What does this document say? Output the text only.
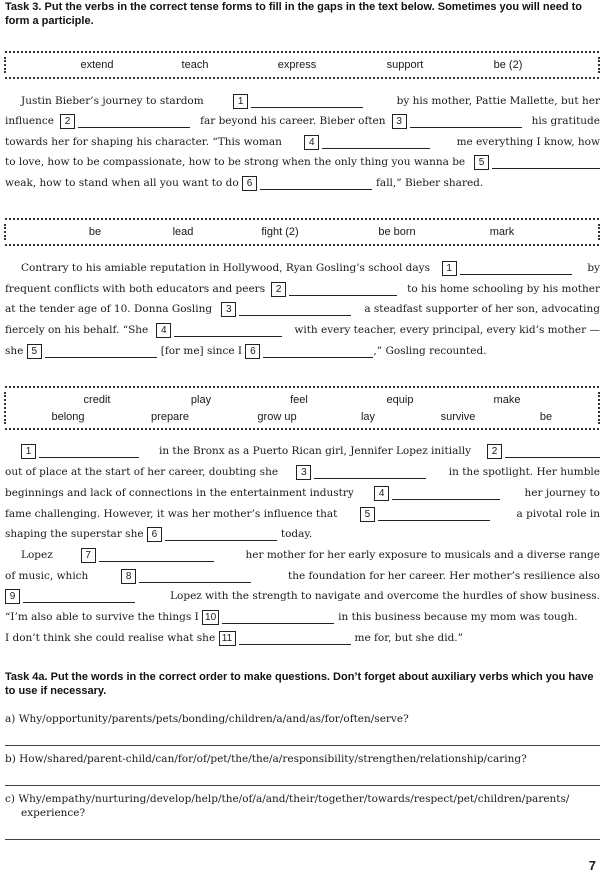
Task 3. Put the verbs in the correct tense forms to fill in the gaps in the text below. Sometimes you will need to form a participle.
extend	teach	express	support	be (2)
Justin Bieber’s journey to stardom	1	by his mother, Pattie Mallette, but her
influence	2	far beyond his career. Bieber often	3	his gratitude
towards her for shaping his character. “This woman	4	me everything I know, how
to love, how to be compassionate, how to be strong when the only thing you wanna be	5
weak, how to stand when all you want to do
6	fall,” Bieber shared.
be	lead	fight (2)	be born	mark
Contrary to his amiable reputation in Hollywood, Ryan Gosling’s school days	1	by
frequent conflicts with both educators and peers	2	to his home schooling by his mother
at the tender age of 10. Donna Gosling	3	a steadfast supporter of her son, advocating
fiercely on his behalf. “She	4	with every teacher, every principal, every kid’s mother —
she
5	[for me] since I
6	,” Gosling recounted.
credit	play	feel	equip	make
belong	prepare	grow up	lay	survive	be
1	in the Bronx as a Puerto Rican girl, Jennifer Lopez initially	2
out of place at the start of her career, doubting she	3	in the spotlight. Her humble
beginnings and lack of connections in the entertainment industry	4	her journey to
fame challenging. However, it was her mother’s influence that	5	a pivotal role in
shaping the superstar she
6	today.
Lopez	7	her mother for her early exposure to musicals and a diverse range
of music, which	8	the foundation for her career. Her mother’s resilience also
9	Lopez with the strength to navigate and overcome the hurdles of show business.
“I’m also able to survive the things I
10	in this business because my mom was tough.
I don’t think she could realise what she
11	me for, but she did.”
Task 4a. Put the words in the correct order to make questions. Don’t forget about auxiliary verbs which you have to use if necessary.
a) Why/opportunity/parents/pets/bonding/children/a/and/as/for/often/serve?
b) How/shared/parent-child/can/for/of/pet/the/the/a/responsibility/strengthen/relationship/caring?
c) Why/empathy/nurturing/develop/help/the/of/a/and/their/together/towards/respect/pet/children/parents/
experience?
7
